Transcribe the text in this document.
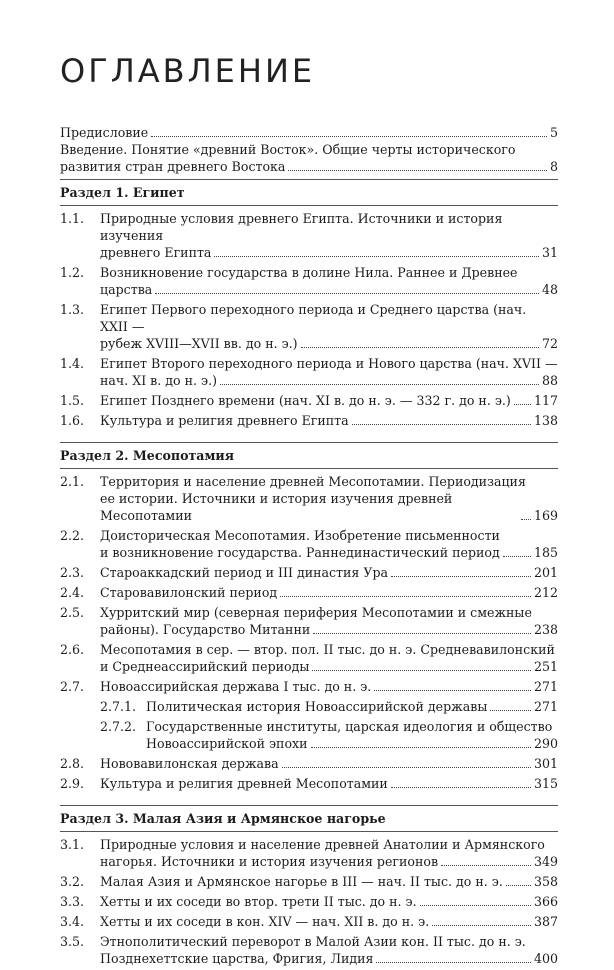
ОГЛАВЛЕНИЕ
Предисловие	5
Введение. Понятие «древний Восток». Общие черты исторического
развития стран древнего Востока	8
Раздел 1. Египет
1.1.	Природные условия древнего Египта. Источники и история изучения
древнего Египта	31
1.2.	Возникновение государства в долине Нила. Раннее и Древнее
царства	48
1.3.	Египет Первого переходного периода и Среднего царства (нач. XXII —
рубеж XVIII—XVII вв. до н. э.)	72
1.4.	Египет Второго переходного периода и Нового царства (нач. XVII —
нач. XI в. до н. э.)	88
1.5.	Египет Позднего времени (нач. XI в. до н. э. — 332 г. до н. э.) 117
1.6.	Культура и религия древнего Египта	138
Раздел 2. Месопотамия
2.1.	Территория и население древней Месопотамии. Периодизация
ее истории. Источники и история изучения древней Месопотамии	169
2.2.	Доисторическая Месопотамия. Изобретение письменности
и возникновение государства. Раннединастический период	185
2.3.	Староаккадский период и III династия Ура	201
2.4.	Старовавилонский период	212
2.5.	Хурритский мир (северная периферия Месопотамии и смежные
районы). Государство Митанни	238
2.6.	Месопотамия в сер. — втор. пол. II тыс. до н. э. Средневавилонский
и Среднеассирийский периоды	251
2.7.	Новоассирийская держава I тыс. до н. э.	271
2.7.1. Политическая история Новоассирийской державы	271
2.7.2. Государственные институты, царская идеология и общество
Новоассирийской эпохи	290
2.8.	Нововавилонская держава	301
2.9.	Культура и религия древней Месопотамии	315
Раздел 3. Малая Азия и Армянское нагорье
3.1.	Природные условия и население древней Анатолии и Армянского
нагорья. Источники и история изучения регионов	349
3.2.	Малая Азия и Армянское нагорье в III — нач. II тыс. до н. э. 358
3.3.	Хетты и их соседи во втор. трети II тыс. до н. э.	366
3.4.	Хетты и их соседи в кон. XIV — нач. XII в. до н. э.	387
3.5.	Этнополитический переворот в Малой Азии кон. II тыс. до н. э.
Позднехеттские царства, Фригия, Лидия	400
